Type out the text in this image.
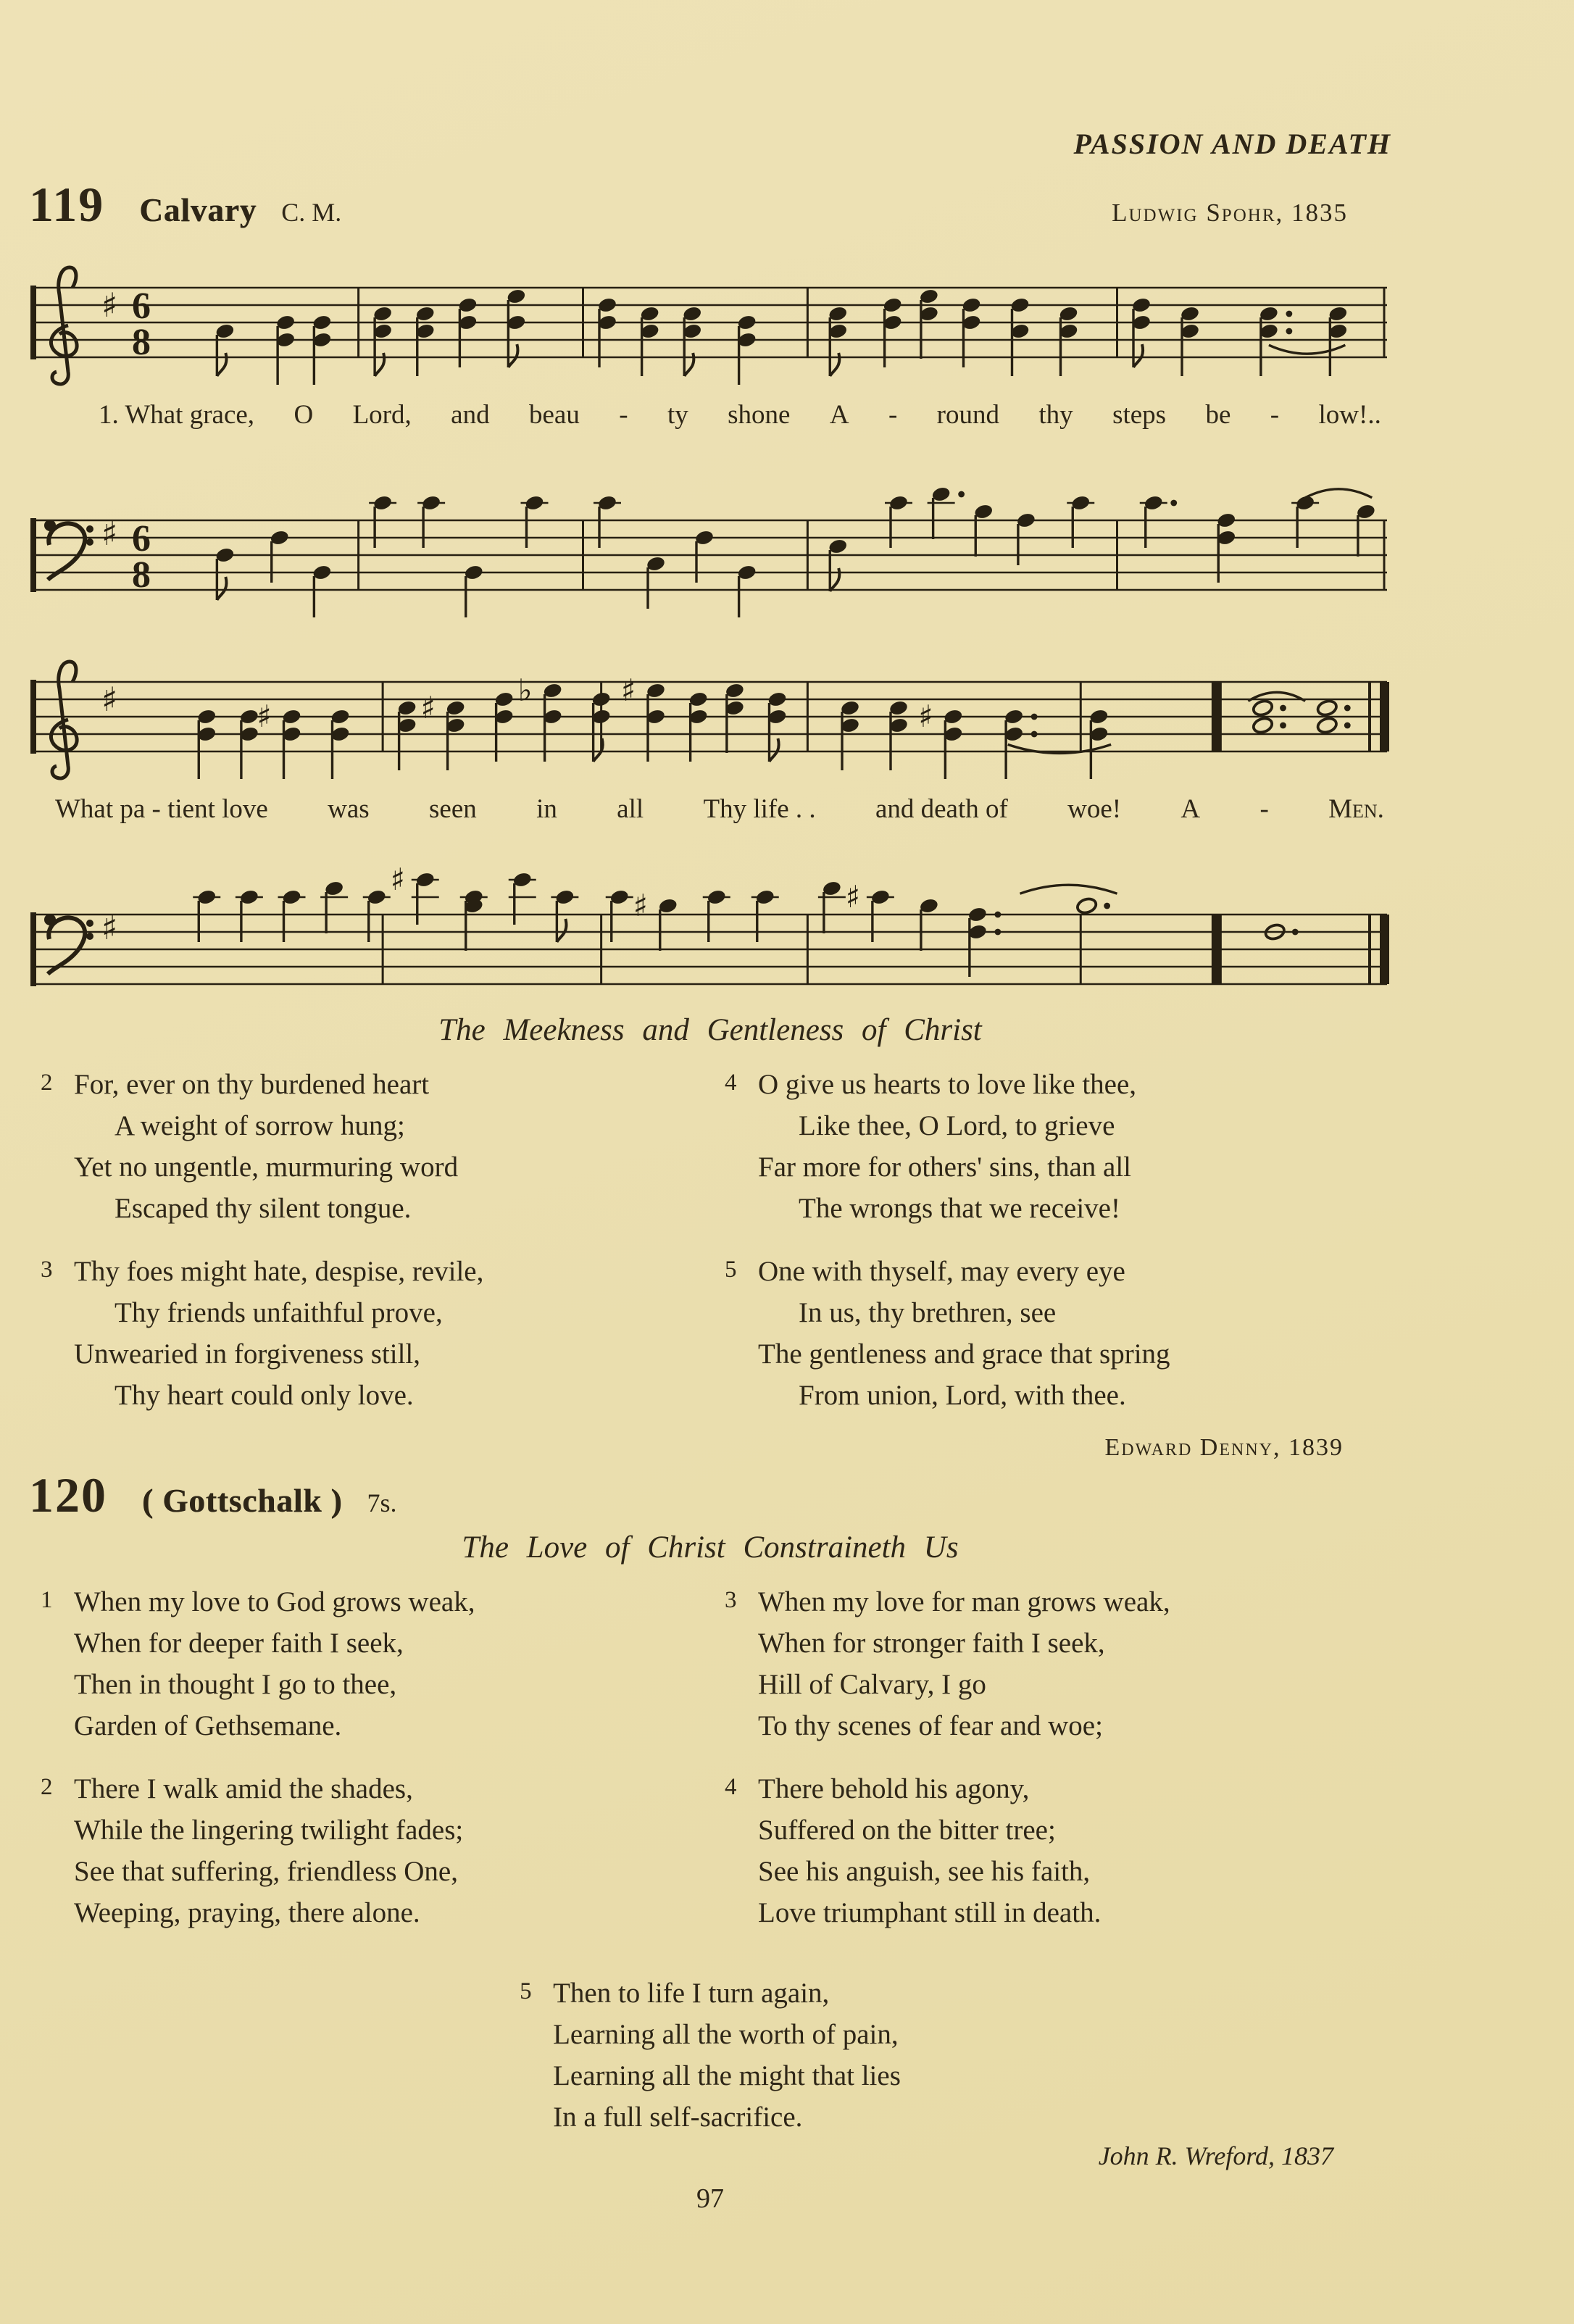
PASSION AND DEATH
119 Calvary C. M.	Ludwig Spohr, 1835
♯ 6
8
1. What grace, O Lord, and beau - ty shone A - round thy steps be - low!..
♯ 6
8
♯	♯	♯	♭	♯
♯
What pa - tient love was seen in all Thy life . . and death of woe! A - Men.
♯
♯
♯	♯
The Meekness and Gentleness of Christ
2 For, ever on thy burdened heart
A weight of sorrow hung;
Yet no ungentle, murmuring word
Escaped thy silent tongue.
3 Thy foes might hate, despise, revile,
Thy friends unfaithful prove,
Unwearied in forgiveness still,
Thy heart could only love.
4 O give us hearts to love like thee,
Like thee, O Lord, to grieve
Far more for others' sins, than all
The wrongs that we receive!
5 One with thyself, may every eye
In us, thy brethren, see
The gentleness and grace that spring
From union, Lord, with thee.
Edward Denny, 1839
120 ( Gottschalk ) 7s.
The Love of Christ Constraineth Us
1 When my love to God grows weak,
When for deeper faith I seek,
Then in thought I go to thee,
Garden of Gethsemane.
2 There I walk amid the shades,
While the lingering twilight fades;
See that suffering, friendless One,
Weeping, praying, there alone.
3 When my love for man grows weak,
When for stronger faith I seek,
Hill of Calvary, I go
To thy scenes of fear and woe;
4 There behold his agony,
Suffered on the bitter tree;
See his anguish, see his faith,
Love triumphant still in death.
5 Then to life I turn again,
Learning all the worth of pain,
Learning all the might that lies
In a full self-sacrifice.
John R. Wreford, 1837
97
